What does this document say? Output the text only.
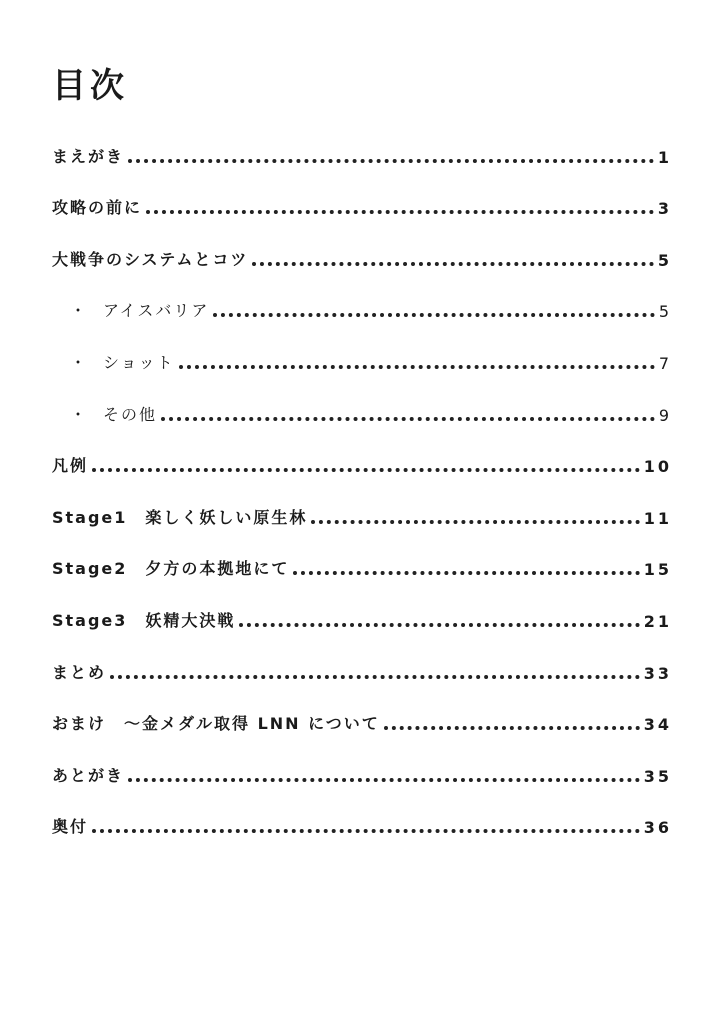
目次
まえがき	1
攻略の前に	3
大戦争のシステムとコツ	5
・ アイスバリア	5
・ ショット	7
・ その他	9
凡例	10
Stage1　楽しく妖しい原生林	11
Stage2　夕方の本拠地にて	15
Stage3　妖精大決戦	21
まとめ	33
おまけ　～金メダル取得 LNN について	34
あとがき	35
奥付	36
